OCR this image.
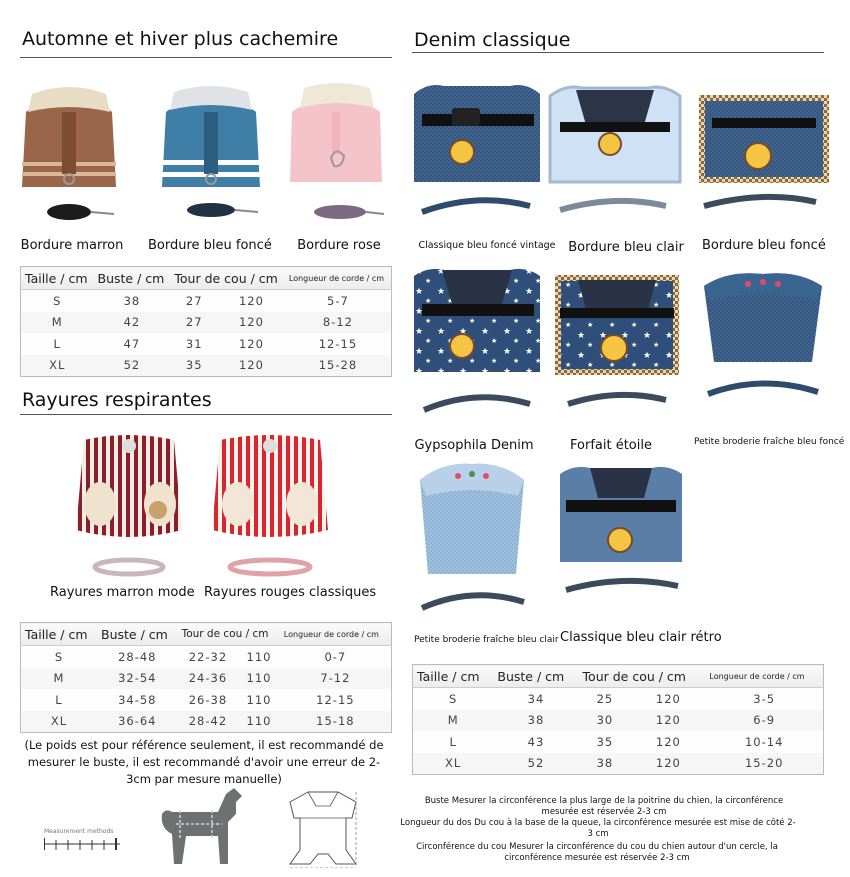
Automne et hiver plus cachemire
Bordure marron Bordure bleu foncé Bordure rose
Taille / cm	Buste / cm	Tour de cou / cm		Longueur de corde / cm
S	38	27	120	5-7
M	42	27	120	8-12
L	47	31	120	12-15
XL	52	35	120	15-28
Rayures respirantes
Rayures marron mode Rayures rouges classiques
Taille / cm	Buste / cm	Tour de cou / cm		Longueur de corde / cm
S	28-48	22-32	110	0-7
M	32-54	24-36	110	7-12
L	34-58	26-38	110	12-15
XL	36-64	28-42	110	15-18
(Le poids est pour référence seulement, il est recommandé de mesurer le buste, il est recommandé d'avoir une erreur de 2-3cm par mesure manuelle)
Measurement methods
Denim classique
Classique bleu foncé vintage Bordure bleu clair Bordure bleu foncé
Gypsophila Denim	Forfait étoile	Petite broderie fraîche bleu foncé
Petite broderie fraîche bleu clair Classique bleu clair rétro
Taille / cm	Buste / cm	Tour de cou / cm		Longueur de corde / cm
S	34	25	120	3-5
M	38	30	120	6-9
L	43	35	120	10-14
XL	52	38	120	15-20
Buste Mesurer la circonférence la plus large de la poitrine du chien, la circonférence mesurée est réservée 2-3 cm
Longueur du dos Du cou à la base de la queue, la circonférence mesurée est mise de côté 2-3 cm
Circonférence du cou Mesurer la circonférence du cou du chien autour d'un cercle, la circonférence mesurée est réservée 2-3 cm
